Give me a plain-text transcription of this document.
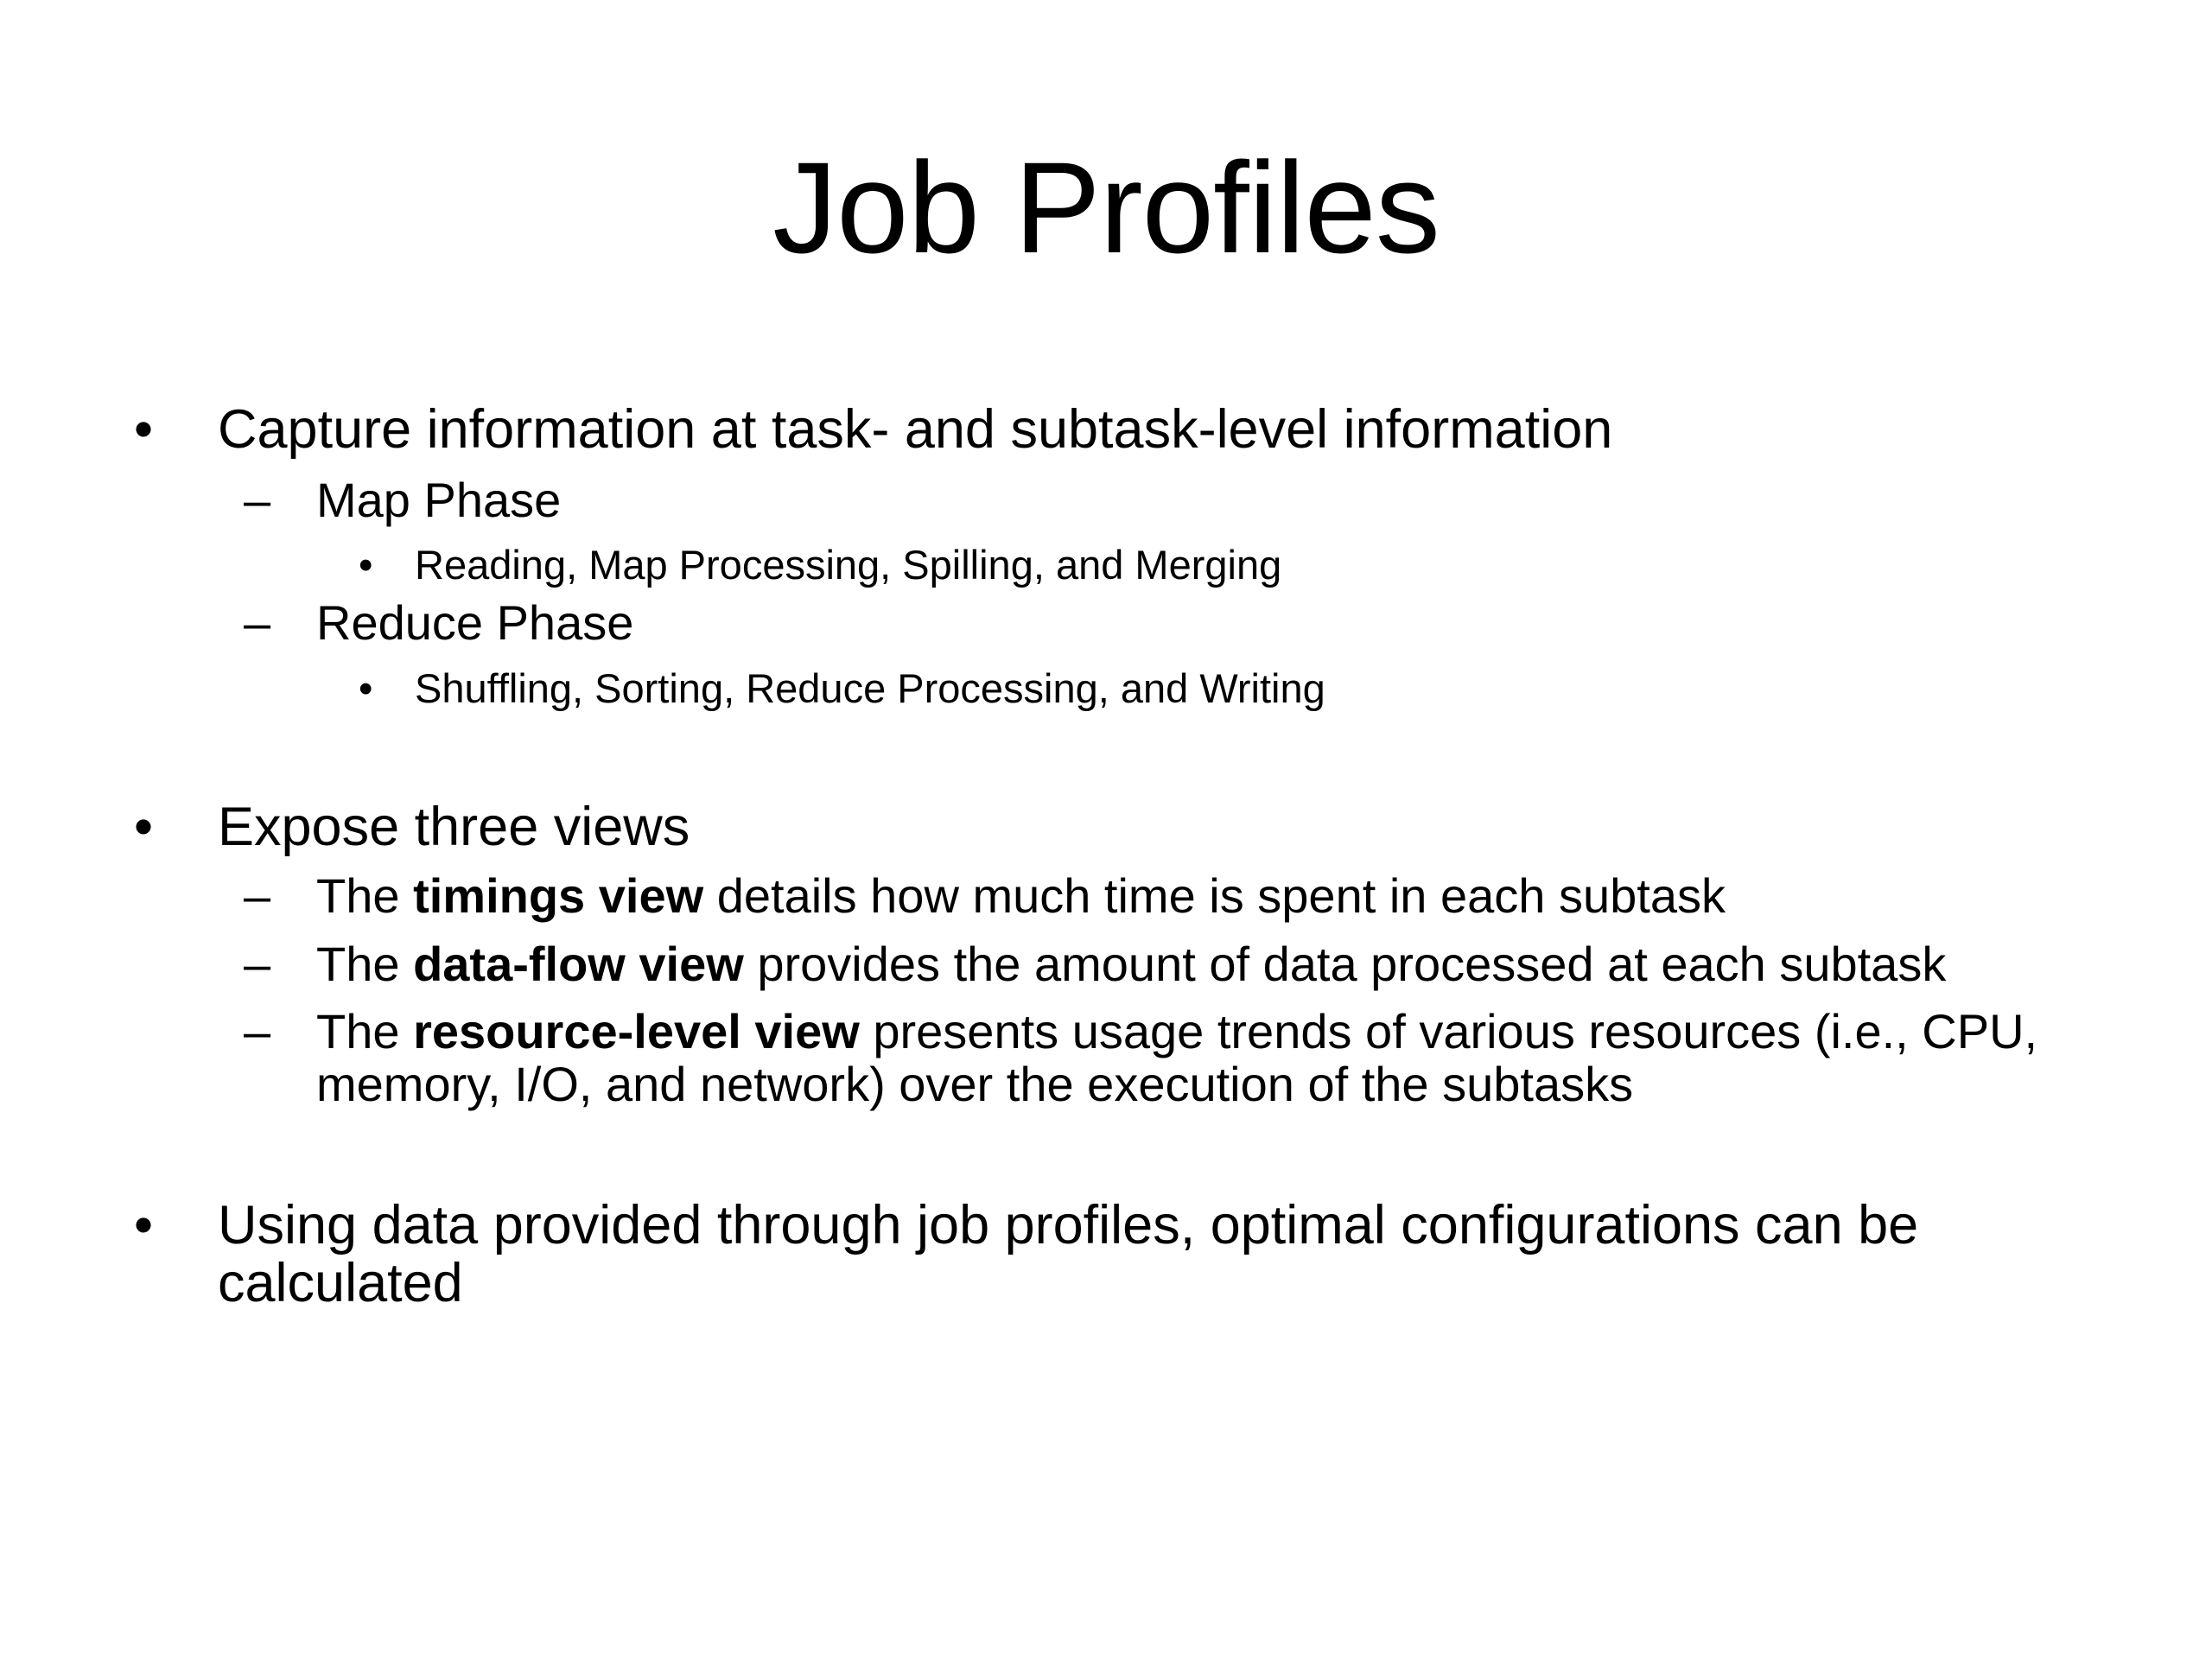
Job Profiles
• Capture information at task- and subtask-level information
– Map Phase
• Reading, Map Processing, Spilling, and Merging
– Reduce Phase
• Shuffling, Sorting, Reduce Processing, and Writing
• Expose three views
– The timings view details how much time is spent in each subtask
– The data-flow view provides the amount of data processed at each subtask
– The resource-level view presents usage trends of various resources (i.e., CPU,
memory, I/O, and network) over the execution of the subtasks
• Using data provided through job profiles, optimal configurations can be
calculated
